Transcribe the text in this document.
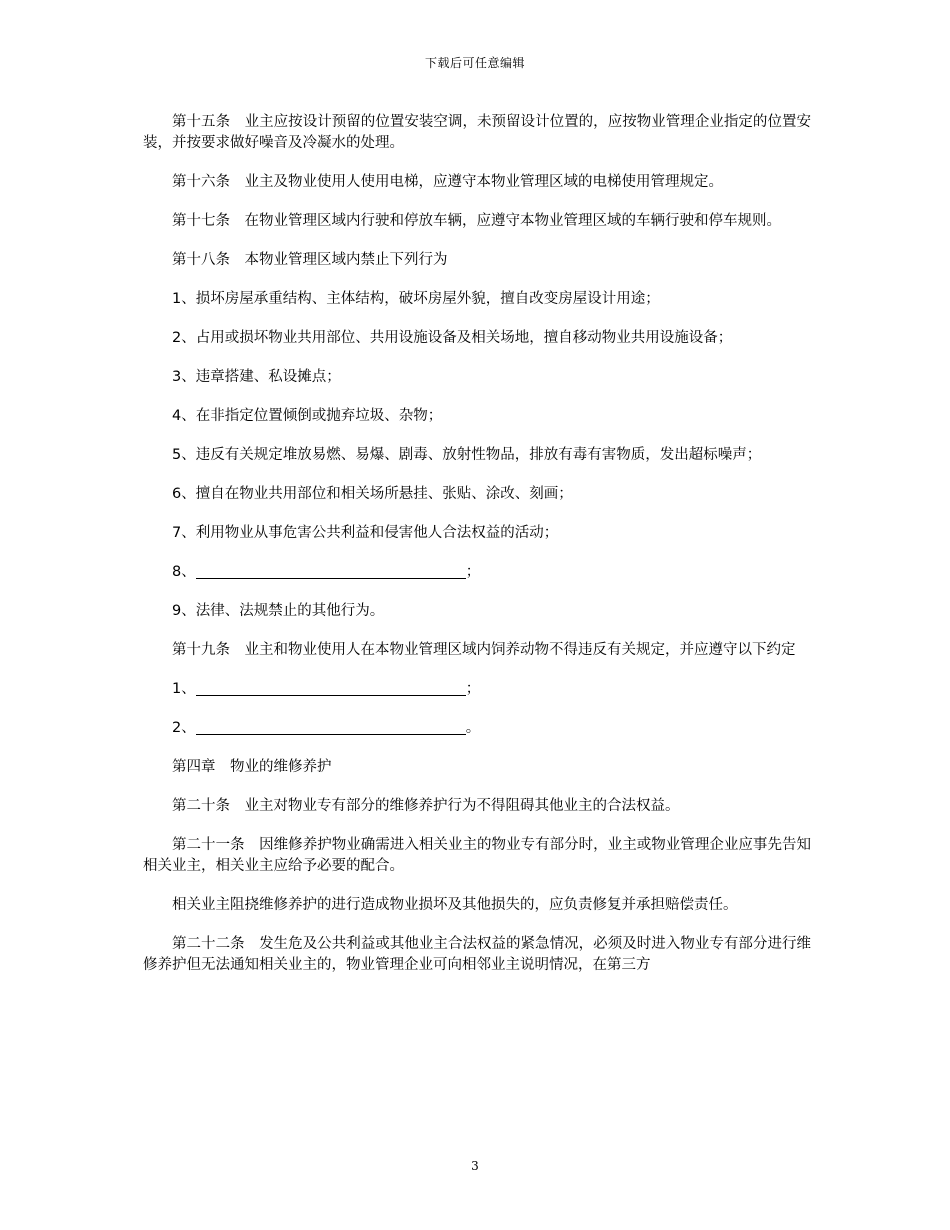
下载后可任意编辑

第十五条　业主应按设计预留的位置安装空调，未预留设计位置的，应按物业管理企业指定的位置安装，并按要求做好噪音及冷凝水的处理。

第十六条　业主及物业使用人使用电梯，应遵守本物业管理区域的电梯使用管理规定。

第十七条　在物业管理区域内行驶和停放车辆，应遵守本物业管理区域的车辆行驶和停车规则。

第十八条　本物业管理区域内禁止下列行为

1、损坏房屋承重结构、主体结构，破坏房屋外貌，擅自改变房屋设计用途；

2、占用或损坏物业共用部位、共用设施设备及相关场地，擅自移动物业共用设施设备；

3、违章搭建、私设摊点；

4、在非指定位置倾倒或抛弃垃圾、杂物；

5、违反有关规定堆放易燃、易爆、剧毒、放射性物品，排放有毒有害物质，发出超标噪声；

6、擅自在物业共用部位和相关场所悬挂、张贴、涂改、刻画；

7、利用物业从事危害公共利益和侵害他人合法权益的活动；

8、	；

9、法律、法规禁止的其他行为。

第十九条　业主和物业使用人在本物业管理区域内饲养动物不得违反有关规定，并应遵守以下约定

1、	；

2、	。

第四章　物业的维修养护

第二十条　业主对物业专有部分的维修养护行为不得阻碍其他业主的合法权益。

第二十一条　因维修养护物业确需进入相关业主的物业专有部分时，业主或物业管理企业应事先告知相关业主，相关业主应给予必要的配合。

相关业主阻挠维修养护的进行造成物业损坏及其他损失的，应负责修复并承担赔偿责任。

第二十二条　发生危及公共利益或其他业主合法权益的紧急情况，必须及时进入物业专有部分进行维修养护但无法通知相关业主的，物业管理企业可向相邻业主说明情况，在第三方

3
